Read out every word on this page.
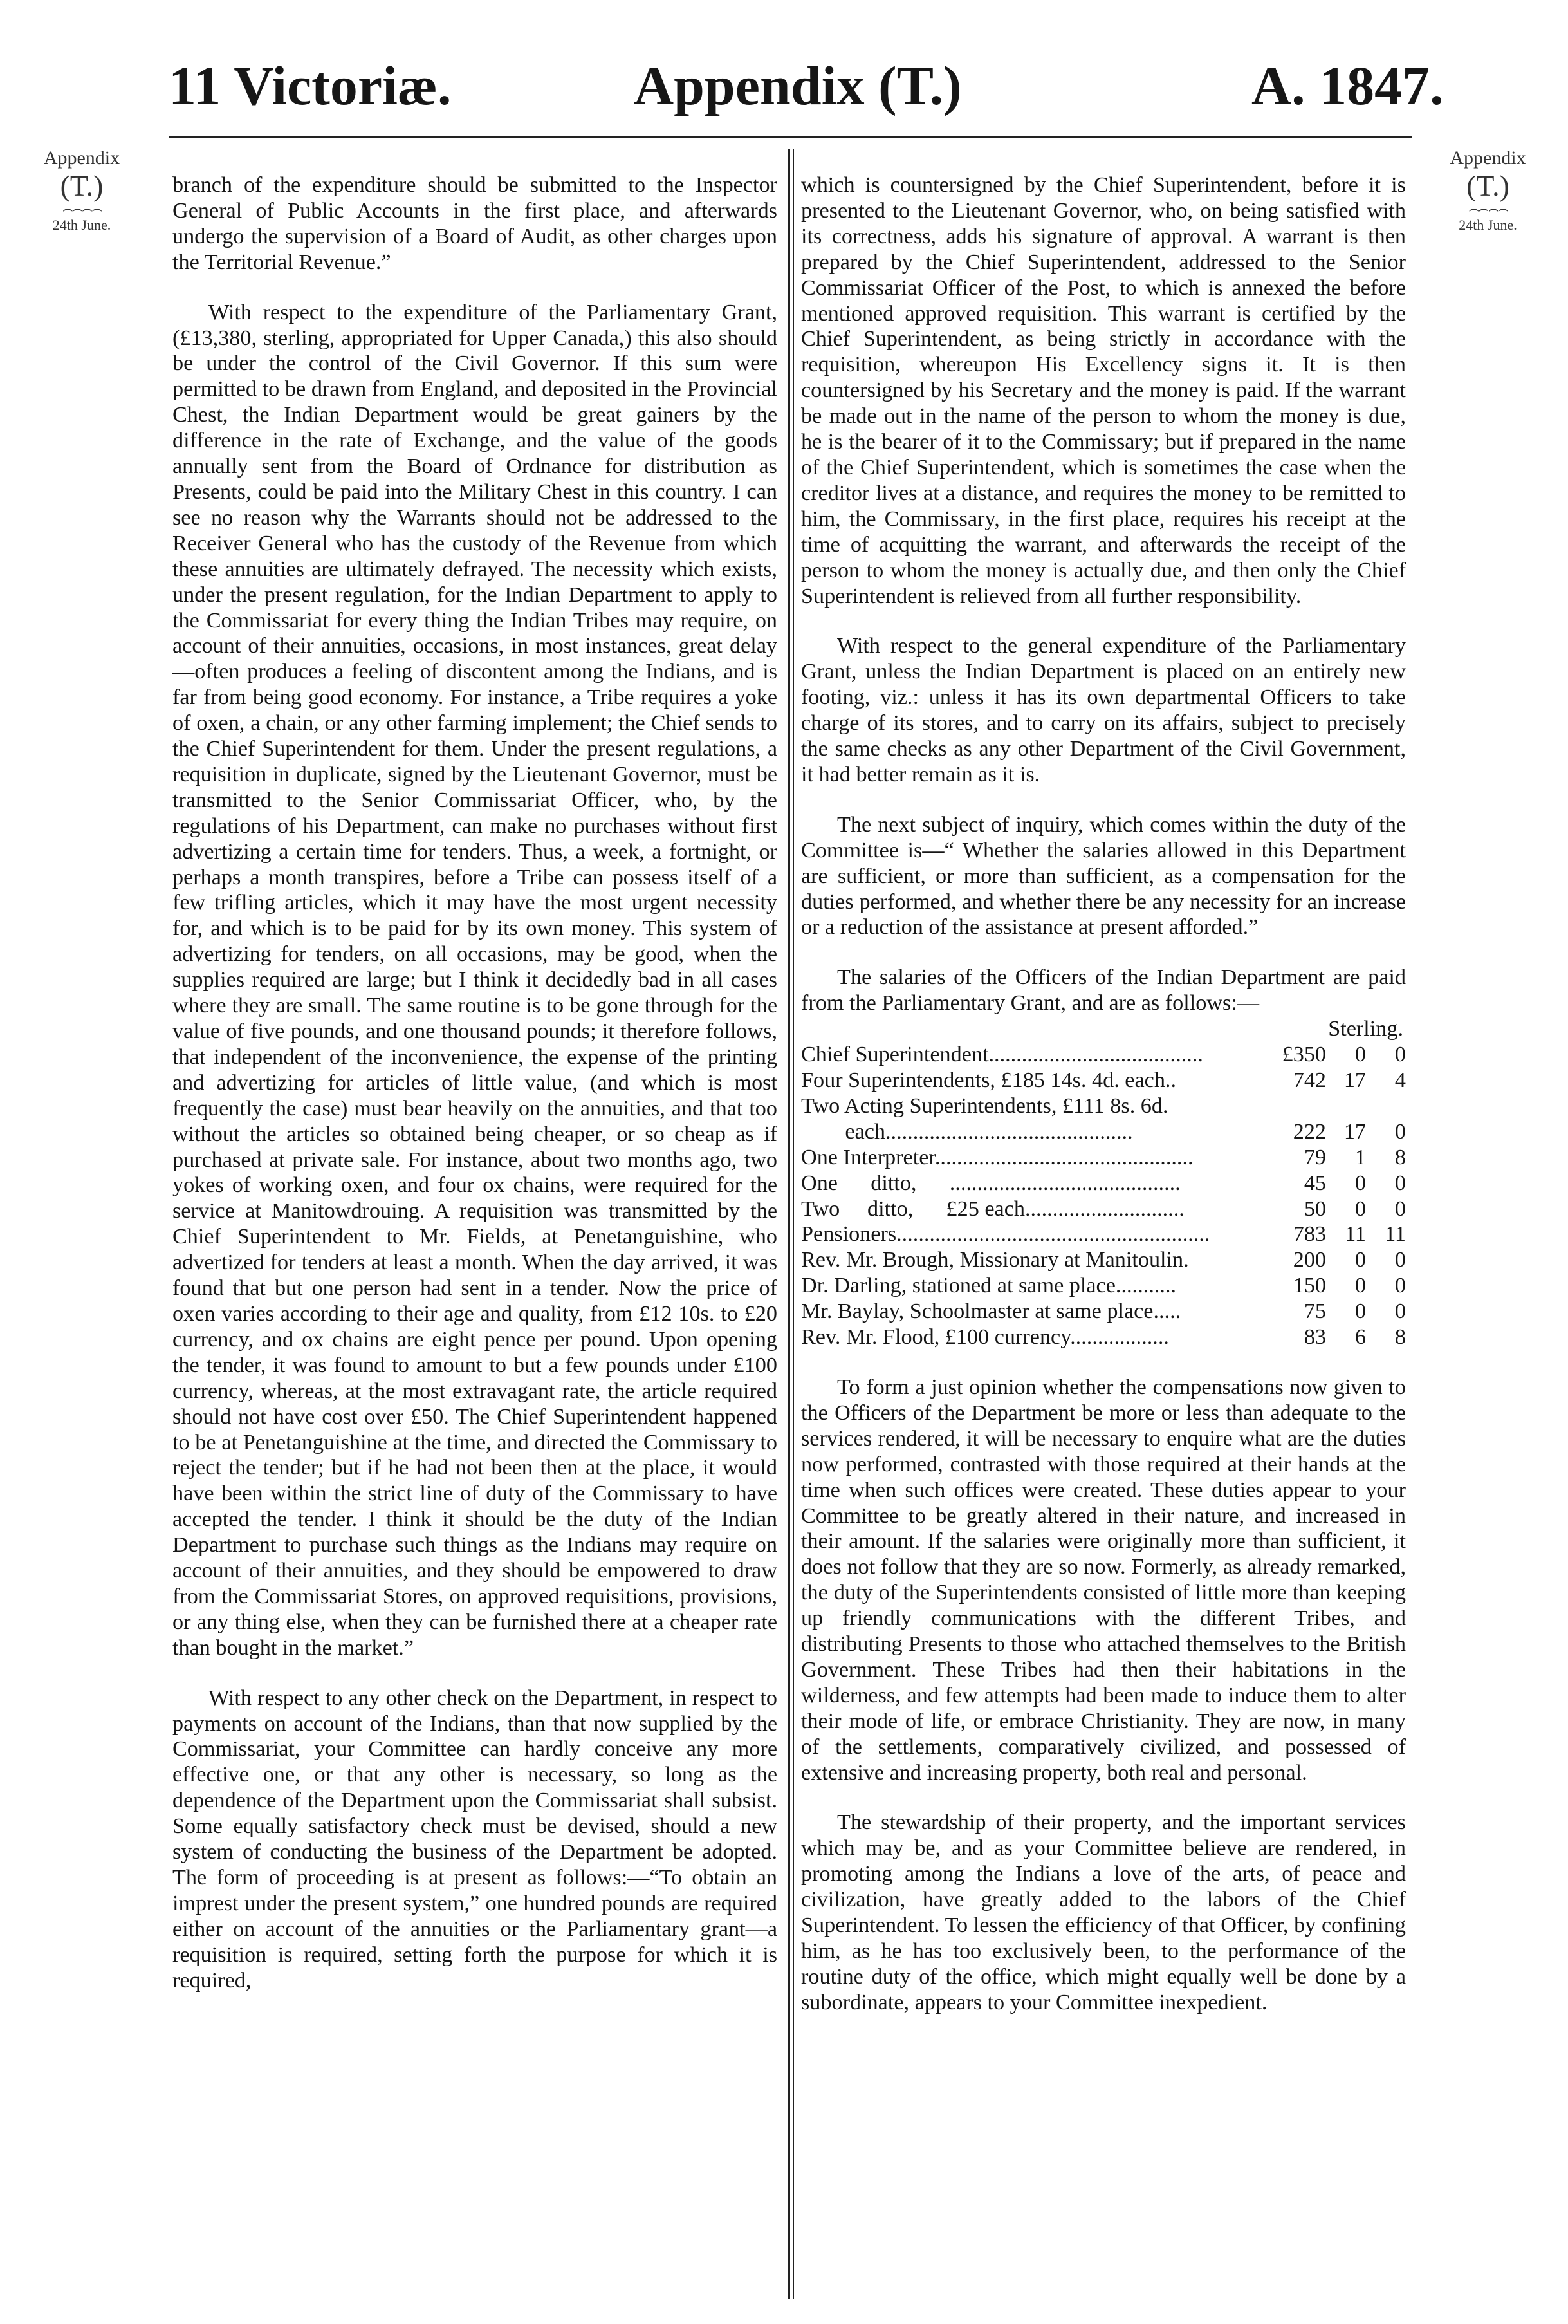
11 Victoriæ.	Appendix (T.)	A. 1847.
Appendix
(T.)
⌢⌢⌢⌢
24th June.
Appendix
(T.)
⌢⌢⌢⌢
24th June.

branch of the expenditure should be submitted to the Inspector General of Public Accounts in the first place, and afterwards undergo the supervision of a Board of Audit, as other charges upon the Territorial Revenue.”

With respect to the expenditure of the Parliamentary Grant, (£13,380, sterling, appropriated for Upper Canada,) this also should be under the control of the Civil Governor. If this sum were permitted to be drawn from England, and deposited in the Provincial Chest, the Indian Department would be great gainers by the difference in the rate of Exchange, and the value of the goods annually sent from the Board of Ordnance for distribution as Presents, could be paid into the Military Chest in this country. I can see no reason why the Warrants should not be addressed to the Receiver General who has the custody of the Revenue from which these annuities are ultimately defrayed. The necessity which exists, under the present regulation, for the Indian Department to apply to the Commissariat for every thing the Indian Tribes may require, on account of their annuities, occasions, in most instances, great delay—often produces a feeling of discontent among the Indians, and is far from being good economy. For instance, a Tribe requires a yoke of oxen, a chain, or any other farming implement; the Chief sends to the Chief Superintendent for them. Under the present regulations, a requisition in duplicate, signed by the Lieutenant Governor, must be transmitted to the Senior Commissariat Officer, who, by the regulations of his Department, can make no purchases without first advertizing a certain time for tenders. Thus, a week, a fortnight, or perhaps a month transpires, before a Tribe can possess itself of a few trifling articles, which it may have the most urgent necessity for, and which is to be paid for by its own money. This system of advertizing for tenders, on all occasions, may be good, when the supplies required are large; but I think it decidedly bad in all cases where they are small. The same routine is to be gone through for the value of five pounds, and one thousand pounds; it therefore follows, that independent of the inconvenience, the expense of the printing and advertizing for articles of little value, (and which is most frequently the case) must bear heavily on the annuities, and that too without the articles so obtained being cheaper, or so cheap as if purchased at private sale. For instance, about two months ago, two yokes of working oxen, and four ox chains, were required for the service at Manitowdrouing. A requisition was transmitted by the Chief Superintendent to Mr. Fields, at Penetanguishine, who advertized for tenders at least a month. When the day arrived, it was found that but one person had sent in a tender. Now the price of oxen varies according to their age and quality, from £12 10s. to £20 currency, and ox chains are eight pence per pound. Upon opening the tender, it was found to amount to but a few pounds under £100 currency, whereas, at the most extravagant rate, the article required should not have cost over £50. The Chief Superintendent happened to be at Penetanguishine at the time, and directed the Commissary to reject the tender; but if he had not been then at the place, it would have been within the strict line of duty of the Commissary to have accepted the tender. I think it should be the duty of the Indian Department to purchase such things as the Indians may require on account of their annuities, and they should be empowered to draw from the Commissariat Stores, on approved requisitions, provisions, or any thing else, when they can be furnished there at a cheaper rate than bought in the market.”

With respect to any other check on the Department, in respect to payments on account of the Indians, than that now supplied by the Commissariat, your Committee can hardly conceive any more effective one, or that any other is necessary, so long as the dependence of the Department upon the Commissariat shall subsist. Some equally satisfactory check must be devised, should a new system of conducting the business of the Department be adopted. The form of proceeding is at present as follows:—“To obtain an imprest under the present system,” one hundred pounds are required either on account of the annuities or the Parliamentary grant—a requisition is required, setting forth the purpose for which it is required,

which is countersigned by the Chief Superintendent, before it is presented to the Lieutenant Governor, who, on being satisfied with its correctness, adds his signature of approval. A warrant is then prepared by the Chief Superintendent, addressed to the Senior Commissariat Officer of the Post, to which is annexed the before mentioned approved requisition. This warrant is certified by the Chief Superintendent, as being strictly in accordance with the requisition, whereupon His Excellency signs it. It is then countersigned by his Secretary and the money is paid. If the warrant be made out in the name of the person to whom the money is due, he is the bearer of it to the Commissary; but if prepared in the name of the Chief Superintendent, which is sometimes the case when the creditor lives at a distance, and requires the money to be remitted to him, the Commissary, in the first place, requires his receipt at the time of acquitting the warrant, and afterwards the receipt of the person to whom the money is actually due, and then only the Chief Superintendent is relieved from all further responsibility.

With respect to the general expenditure of the Parliamentary Grant, unless the Indian Department is placed on an entirely new footing, viz.: unless it has its own departmental Officers to take charge of its stores, and to carry on its affairs, subject to precisely the same checks as any other Department of the Civil Government, it had better remain as it is.

The next subject of inquiry, which comes within the duty of the Committee is—“ Whether the salaries allowed in this Department are sufficient, or more than sufficient, as a compensation for the duties performed, and whether there be any necessity for an increase or a reduction of the assistance at present afforded.”

The salaries of the Officers of the Indian Department are paid from the Parliamentary Grant, and are as follows:—

	Sterling.
Chief Superintendent.......................................	£350 0 0
Four Superintendents, £185 14s. 4d. each..	742 17 4
Two Acting Superintendents, £111 8s. 6d.	
each.............................................	222 17 0
One Interpreter...............................................	79 1 8
One      ditto,      ..........................................	45 0 0
Two     ditto,      £25 each.............................	50 0 0
Pensioners.........................................................	783 11 11
Rev. Mr. Brough, Missionary at Manitoulin.	200 0 0
Dr. Darling, stationed at same place...........	150 0 0
Mr. Baylay, Schoolmaster at same place.....	75 0 0
Rev. Mr. Flood, £100 currency..................	83 6 8

To form a just opinion whether the compensations now given to the Officers of the Department be more or less than adequate to the services rendered, it will be necessary to enquire what are the duties now performed, contrasted with those required at their hands at the time when such offices were created. These duties appear to your Committee to be greatly altered in their nature, and increased in their amount. If the salaries were originally more than sufficient, it does not follow that they are so now. Formerly, as already remarked, the duty of the Superintendents consisted of little more than keeping up friendly communications with the different Tribes, and distributing Presents to those who attached themselves to the British Government. These Tribes had then their habitations in the wilderness, and few attempts had been made to induce them to alter their mode of life, or embrace Christianity. They are now, in many of the settlements, comparatively civilized, and possessed of extensive and increasing property, both real and personal.

The stewardship of their property, and the important services which may be, and as your Committee believe are rendered, in promoting among the Indians a love of the arts, of peace and civilization, have greatly added to the labors of the Chief Superintendent. To lessen the efficiency of that Officer, by confining him, as he has too exclusively been, to the performance of the routine duty of the office, which might equally well be done by a subordinate, appears to your Committee inexpedient.
